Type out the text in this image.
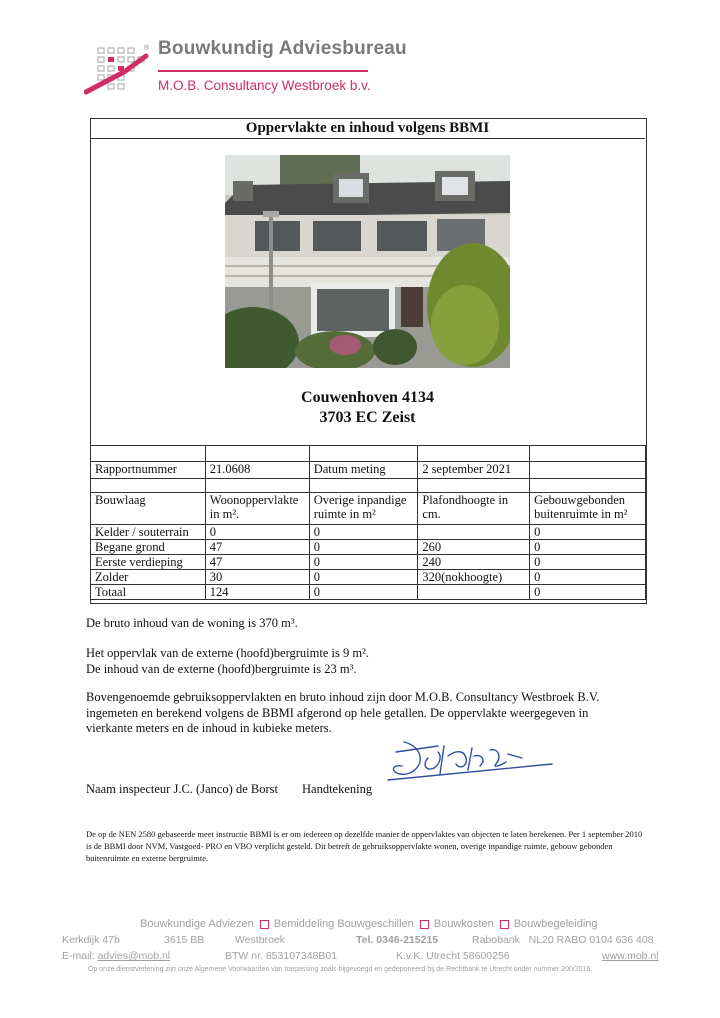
® Bouwkundig Adviesbureau
M.O.B. Consultancy Westbroek b.v.
Oppervlakte en inhoud volgens BBMI
Couwenhoven 4134
3703 EC Zeist

Rapportnummer	21.0608	Datum meting	2 september 2021	

Bouwlaag	Woonoppervlakte in m².	Overige inpandige ruimte in m²	Plafondhoogte in cm.	Gebouwgebonden buitenruimte in m²
Kelder / souterrain	0	0		0
Begane grond	47	0	260	0
Eerste verdieping	47	0	240	0
Zolder	30	0	320(nokhoogte)	0
Totaal	124	0		0
De bruto inhoud van de woning is 370 m³.
Het oppervlak van de externe (hoofd)bergruimte is 9 m².
De inhoud van de externe (hoofd)bergruimte is 23 m³.
Bovengenoemde gebruiksoppervlakten en bruto inhoud zijn door M.O.B. Consultancy Westbroek B.V. ingemeten en berekend volgens de BBMI afgerond op hele getallen. De oppervlakte weergegeven in vierkante meters en de inhoud in kubieke meters.
Naam inspecteur J.C. (Janco) de Borst Handtekening
De op de NEN 2580 gebaseerde meet instructie BBMI is er om iedereen op dezelfde manier de oppervlaktes van objecten te laten berekenen. Per 1 september 2010 is de BBMI door NVM, Vastgoed- PRO en VBO verplicht gesteld. Dit betreft de gebruiksoppervlakte wonen, overige inpandige ruimte, gebouw gebonden buitenruimte en externe bergruimte.
Bouwkundige Adviezen Bemiddeling Bouwgeschillen Bouwkosten Bouwbegeleiding
Kerkdijk 47b	3615 BB	Westbroek	Tel. 0346-215215	Rabobank   NL20 RABO 0104 636 408
E-mail: advies@mob.nl	BTW nr. 853107348B01	K.v.K. Utrecht 58600256	www.mob.nl
Op onze dienstverlening zijn onze Algemene Voorwaarden van toepassing zoals bijgevoegd en gedeponeerd bij de Rechtbank te Utrecht onder nummer 200/2016.
